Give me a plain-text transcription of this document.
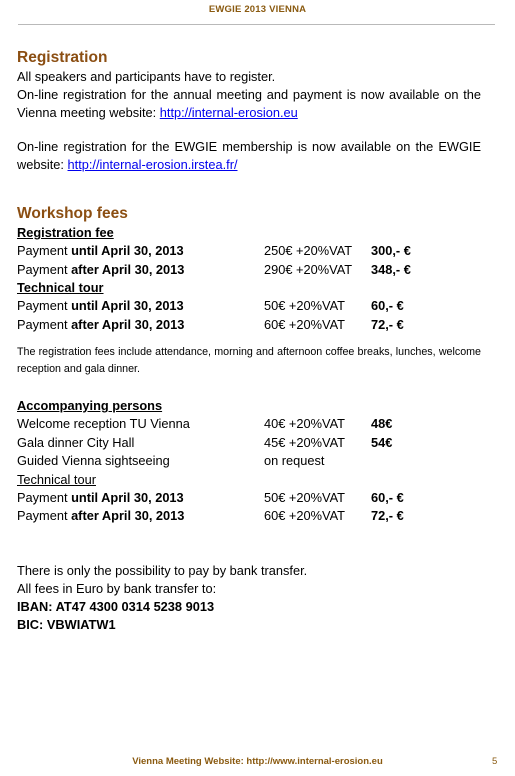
EWGIE 2013 VIENNA
Registration

All speakers and participants have to register.

On-line registration for the annual meeting and payment is now available on the Vienna meeting website: http://internal-erosion.eu

On-line registration for the EWGIE membership is now available on the EWGIE website: http://internal-erosion.irstea.fr/

Workshop fees
Registration fee
Payment until April 30, 2013	250€ +20%VAT	300,- €
Payment after April 30, 2013	290€ +20%VAT	348,- €
Technical tour
Payment until April 30, 2013	50€ +20%VAT	60,- €
Payment after April 30, 2013	60€ +20%VAT	72,- €

The registration fees include attendance, morning and afternoon coffee breaks, lunches, welcome reception and gala dinner.

Accompanying persons
Welcome reception TU Vienna	40€ +20%VAT	48€
Gala dinner City Hall	45€ +20%VAT	54€
Guided Vienna sightseeing	on request
Technical tour
Payment until April 30, 2013	50€ +20%VAT	60,- €
Payment after April 30, 2013	60€ +20%VAT	72,- €

There is only the possibility to pay by bank transfer.

All fees in Euro by bank transfer to:

IBAN: AT47 4300 0314 5238 9013

BIC: VBWIATW1

Vienna Meeting Website: http://www.internal-erosion.eu	5
